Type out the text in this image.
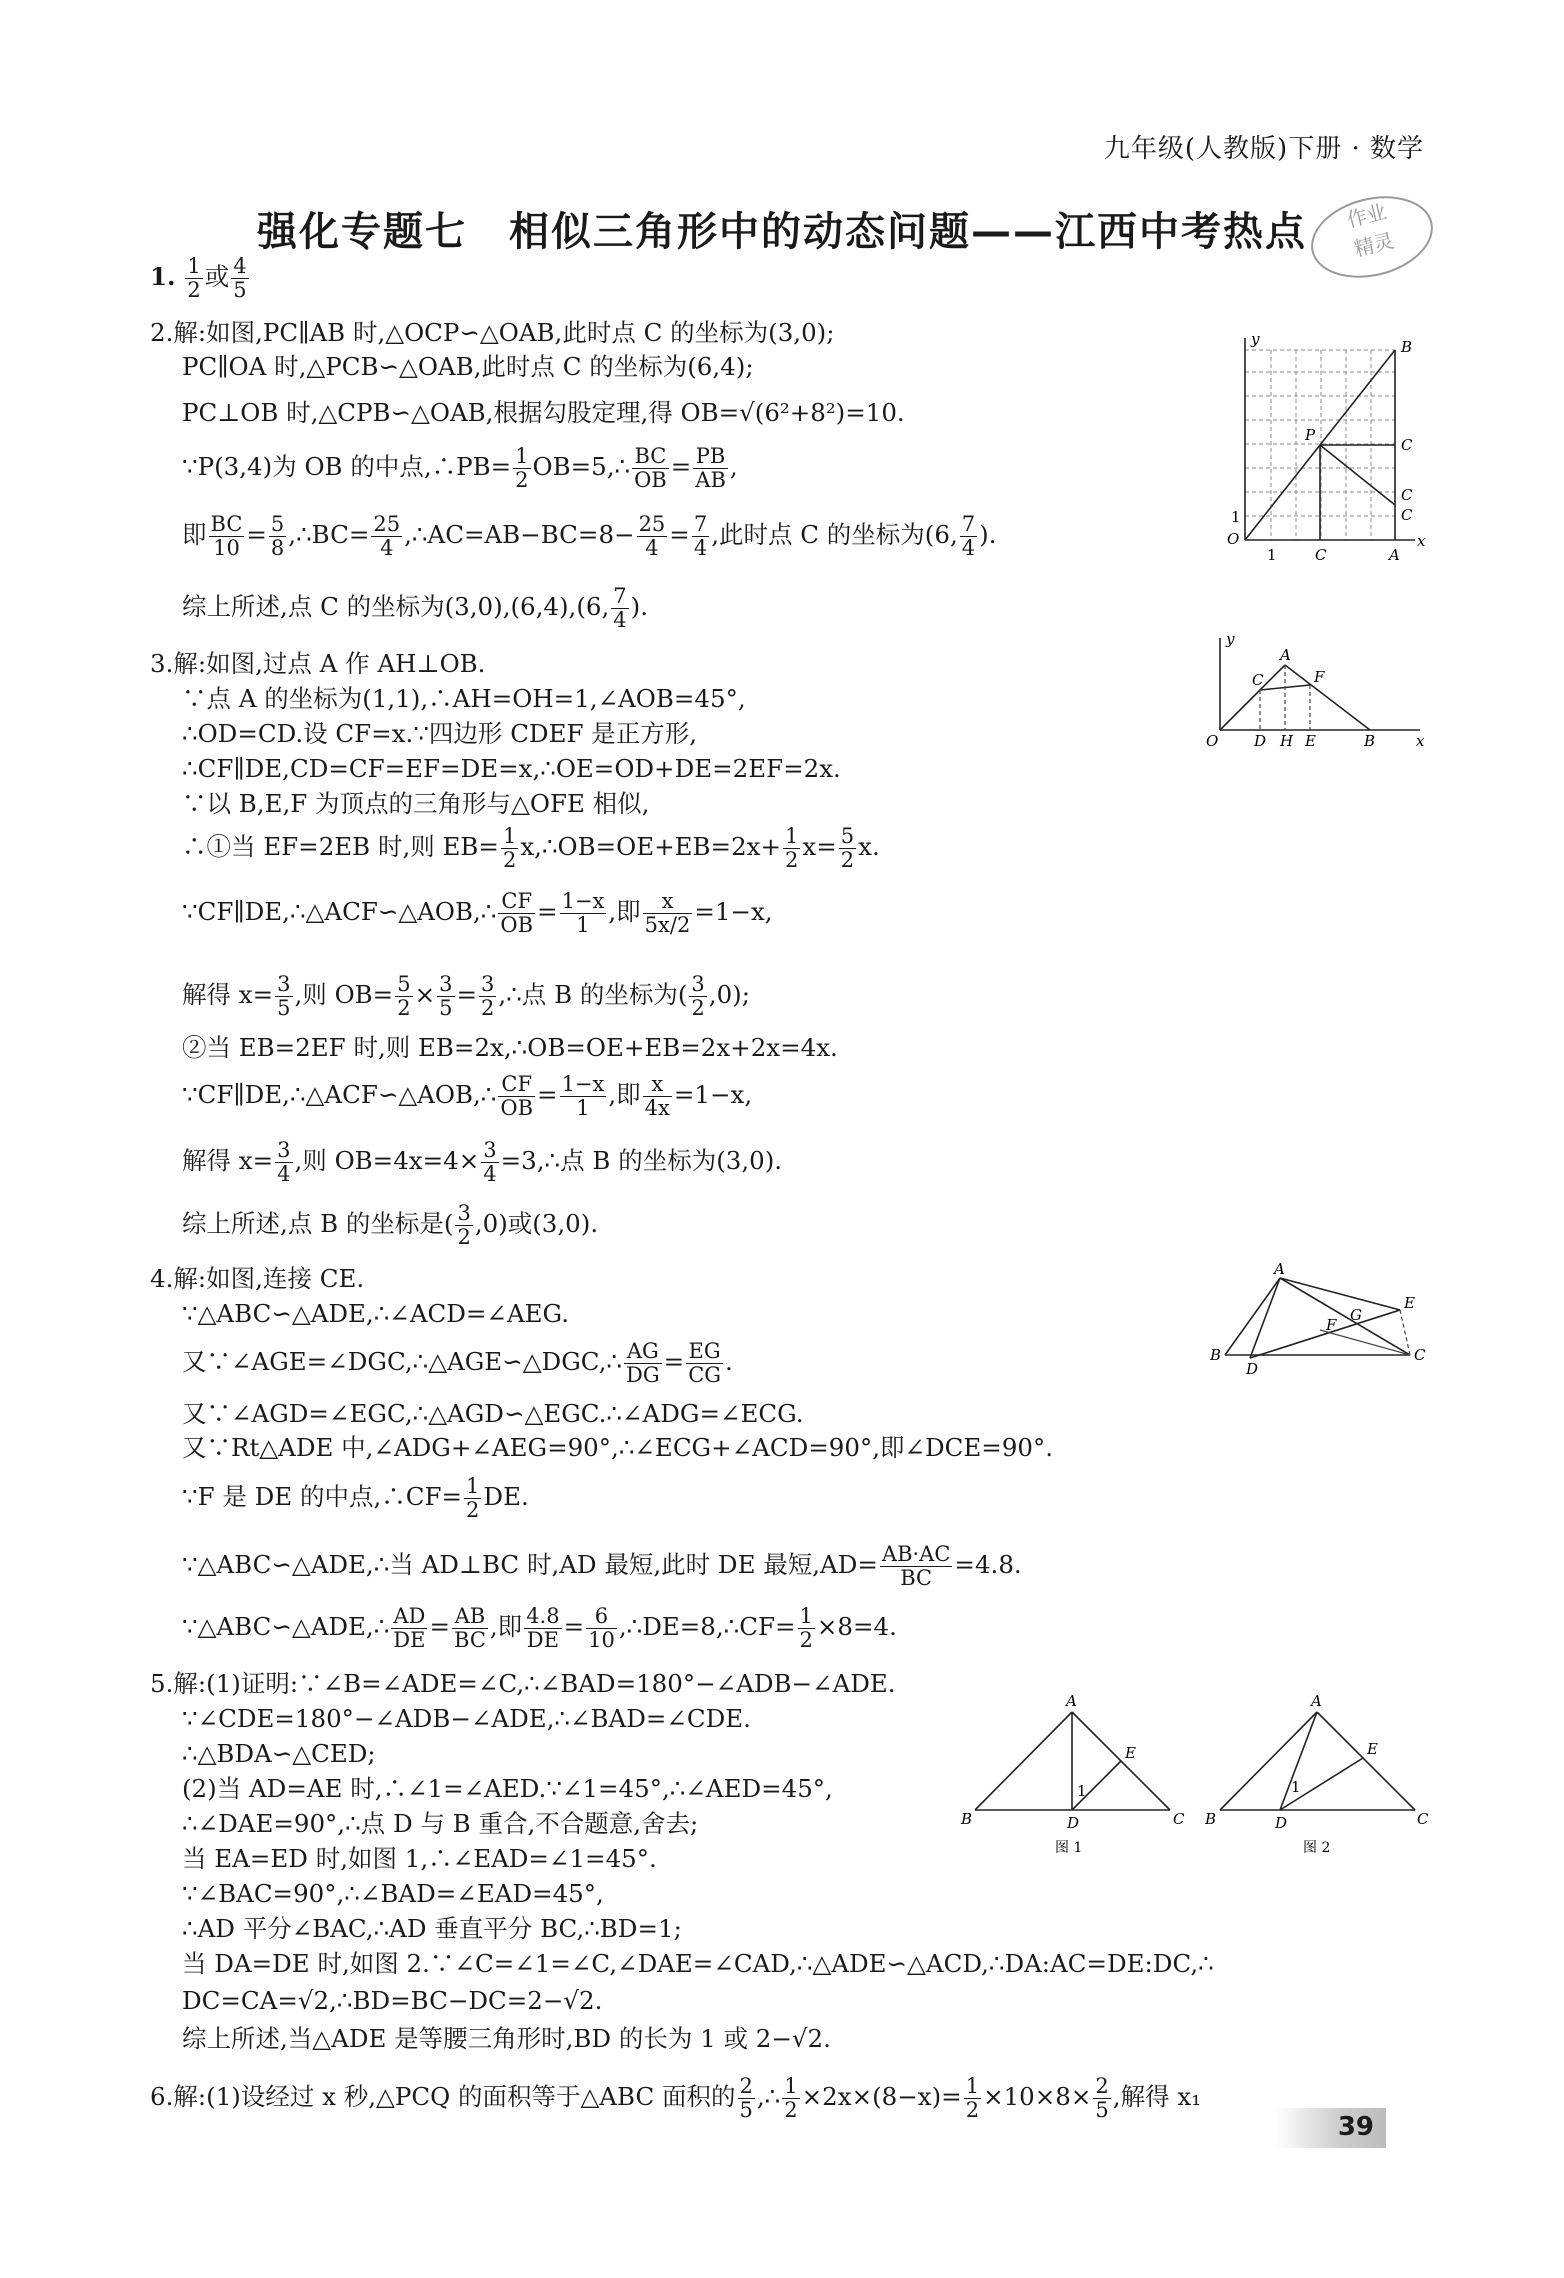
九年级(人教版)下册 · 数学
强化专题七　相似三角形中的动态问题——江西中考热点	作业
精灵
1. $\frac{1}{2}$ 或 $\frac{4}{5}$
2.解:如图,PC∥AB 时,△OCP∽△OAB,此时点 C 的坐标为(3,0);
PC∥OA 时,△PCB∽△OAB,此时点 C 的坐标为(6,4);
PC⊥OB 时,△CPB∽△OAB,根据勾股定理,得 OB=√(6²+8²)=10.
∵P(3,4)为 OB 的中点,∴PB= $\frac{1}{2}$ OB=5,∴ $\frac{BC}{OB} = \frac{PB}{AB}$ ,
即 $\frac{BC}{10} = \frac{5}{8}$ ,∴BC= $\frac{25}{4}$ ,∴AC=AB−BC=8− $\frac{25}{4} = \frac{7}{4}$ ,此时点 C 的坐标为(6, $\frac{7}{4}$ ).
综上所述,点 C 的坐标为(3,0),(6,4),(6, $\frac{7}{4}$ ).
3.解:如图,过点 A 作 AH⊥OB.
∵点 A 的坐标为(1,1),∴AH=OH=1,∠AOB=45°,
∴OD=CD.设 CF=x.∵四边形 CDEF 是正方形,
∴CF∥DE,CD=CF=EF=DE=x,∴OE=OD+DE=2EF=2x.
∵以 B,E,F 为顶点的三角形与△OFE 相似,
∴①当 EF=2EB 时,则 $EB= \frac{1}{2}$ x,∴OB=OE+EB=2x+ $\frac{1}{2} x= \frac{5}{2} x$.
∵CF∥DE,∴△ACF∽△AOB,∴ $\frac{CF}{OB} = \frac{1-x}{1}$ ,即 $\frac{x}{5x/2} =1-x$,
解得 $x= \frac{3}{5}$ ,则 $OB= \frac{5}{2} \times \frac{3}{5} = \frac{3}{2}$ ,∴点 B 的坐标为( $\frac{3}{2} ,0$);
②当 EB=2EF 时,则 EB=2x,∴OB=OE+EB=2x+2x=4x.
∵CF∥DE,∴△ACF∽△AOB,∴ $\frac{CF}{OB} = \frac{1-x}{1}$ ,即 $\frac{x}{4x} =1-x$,
解得 $x= \frac{3}{4}$ ,则 $OB=4x=4\times \frac{3}{4}$ =3,∴点 B 的坐标为(3,0).
综上所述,点 B 的坐标是( $\frac{3}{2} ,0$)或(3,0).
4.解:如图,连接 CE.
∵△ABC∽△ADE,∴∠ACD=∠AEG.
又∵∠AGE=∠DGC,∴△AGE∽△DGC,∴ $\frac{AG}{DG} = \frac{EG}{CG}$ .
又∵∠AGD=∠EGC,∴△AGD∽△EGC.∴∠ADG=∠ECG.
又∵Rt△ADE 中,∠ADG+∠AEG=90°,∴∠ECG+∠ACD=90°,即∠DCE=90°.
∵F 是 DE 的中点,∴CF= $\frac{1}{2}$ DE.
∵△ABC∽△ADE,∴当 AD⊥BC 时,AD 最短,此时 DE 最短$,AD= \frac{AB\cdot AC}{BC} =4.8$.
∵△ABC∽△ADE,∴ $\frac{AD}{DE} = \frac{AB}{BC}$ ,即 $\frac{4.8}{DE} = \frac{6}{10}$ ,∴DE=8,∴CF= $\frac{1}{2} \times 8=4$.
5.解:(1)证明:∵∠B=∠ADE=∠C,∴∠BAD=180°−∠ADB−∠ADE.
∵∠CDE=180°−∠ADB−∠ADE,∴∠BAD=∠CDE.
∴△BDA∽△CED;
(2)当 AD=AE 时,∴∠1=∠AED.∵∠1=45°,∴∠AED=45°,
∴∠DAE=90°,∴点 D 与 B 重合,不合题意,舍去;
当 EA=ED 时,如图 1,∴∠EAD=∠1=45°.
∵∠BAC=90°,∴∠BAD=∠EAD=45°,
∴AD 平分∠BAC,∴AD 垂直平分 BC,∴BD=1;
当 DA=DE 时,如图 2.∵∠C=∠1=∠C,∠DAE=∠CAD,∴△ADE∽△ACD,∴DA:AC=DE:DC,∴
DC=CA=√2,∴BD=BC−DC=2−√2.
综上所述,当△ADE 是等腰三角形时,BD 的长为 1 或 2−√2.
6.解:(1)设经过 x 秒,△PCQ 的面积等于△ABC 面积的 $\frac{2}{5}$ ,∴ $\frac{1}{2} \times 2x\times(8-x)= \frac{1}{2} \times 10\times 8\times \frac{2}{5}$ ,解得 x₁
y	B
P
C
C
C
1
O
1	C	A
x
y
C
A
F
O D H E	B	x
A
E
G
F
B
D
C
A
E
1
B	D	C
图 1
A
E
1
B	D	C
图 2
39
